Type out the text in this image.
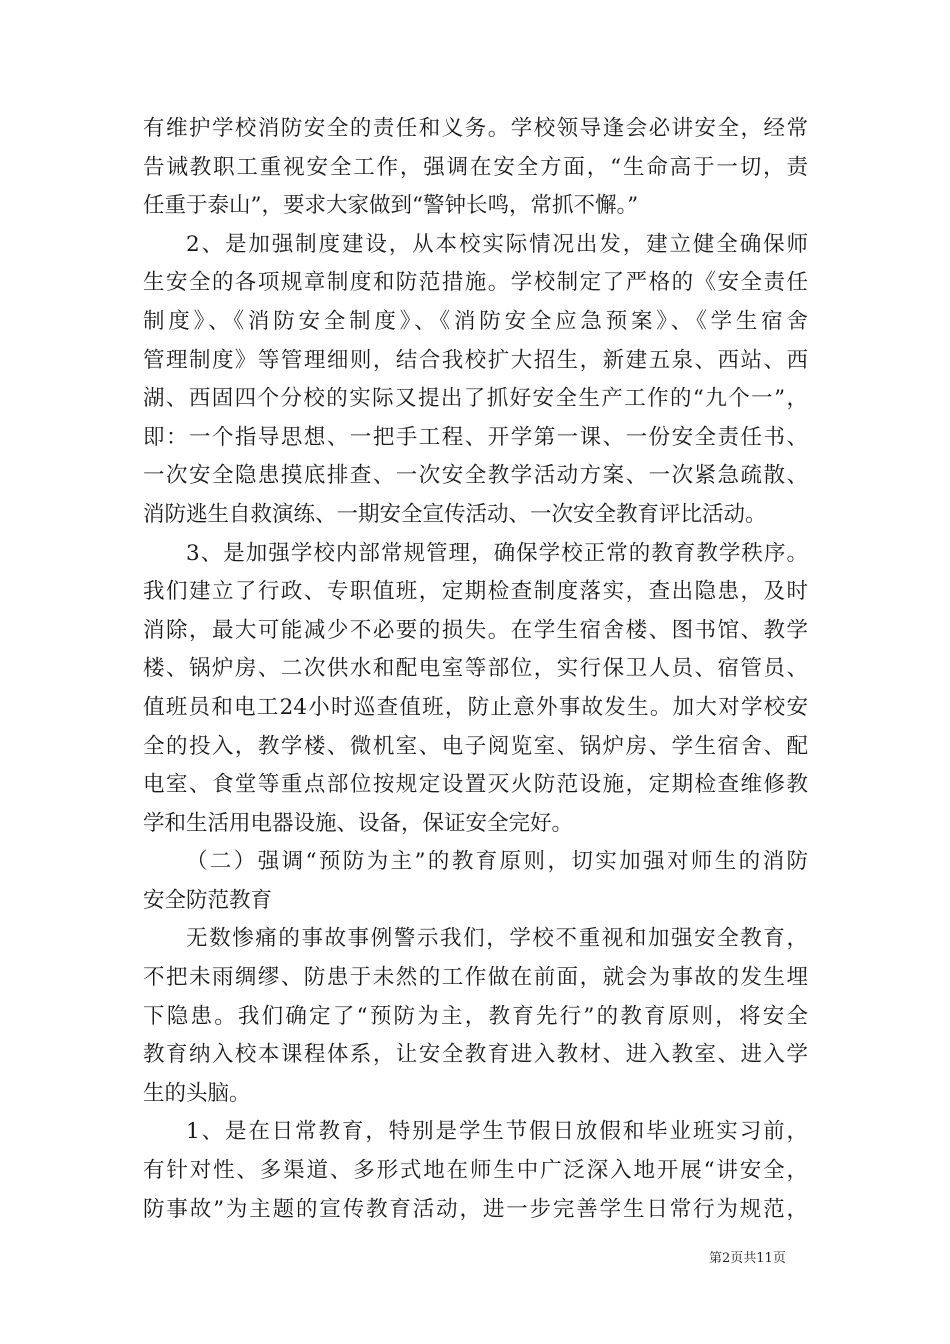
有维护学校消防安全的责任和义务。学校领导逢会必讲安全，经常
告诫教职工重视安全工作，强调在安全方面，“生命高于一切，责
任重于泰山”，要求大家做到“警钟长鸣，常抓不懈。”
2、是加强制度建设，从本校实际情况出发，建立健全确保师
生安全的各项规章制度和防范措施。学校制定了严格的《安全责任
制度》、《消防安全制度》、《消防安全应急预案》、《学生宿舍
管理制度》等管理细则，结合我校扩大招生，新建五泉、西站、西
湖、西固四个分校的实际又提出了抓好安全生产工作的“九个一”，
即：一个指导思想、一把手工程、开学第一课、一份安全责任书、
一次安全隐患摸底排查、一次安全教学活动方案、一次紧急疏散、
消防逃生自救演练、一期安全宣传活动、一次安全教育评比活动。
3、是加强学校内部常规管理，确保学校正常的教育教学秩序。
我们建立了行政、专职值班，定期检查制度落实，查出隐患，及时
消除，最大可能减少不必要的损失。在学生宿舍楼、图书馆、教学
楼、锅炉房、二次供水和配电室等部位，实行保卫人员、宿管员、
值班员和电工24小时巡查值班，防止意外事故发生。加大对学校安
全的投入，教学楼、微机室、电子阅览室、锅炉房、学生宿舍、配
电室、食堂等重点部位按规定设置灭火防范设施，定期检查维修教
学和生活用电器设施、设备，保证安全完好。
（二）强调“预防为主”的教育原则，切实加强对师生的消防
安全防范教育
无数惨痛的事故事例警示我们，学校不重视和加强安全教育，
不把未雨绸缪、防患于未然的工作做在前面，就会为事故的发生埋
下隐患。我们确定了“预防为主，教育先行”的教育原则，将安全
教育纳入校本课程体系，让安全教育进入教材、进入教室、进入学
生的头脑。
1、是在日常教育，特别是学生节假日放假和毕业班实习前，
有针对性、多渠道、多形式地在师生中广泛深入地开展“讲安全，
防事故”为主题的宣传教育活动，进一步完善学生日常行为规范，
第2页共11页
